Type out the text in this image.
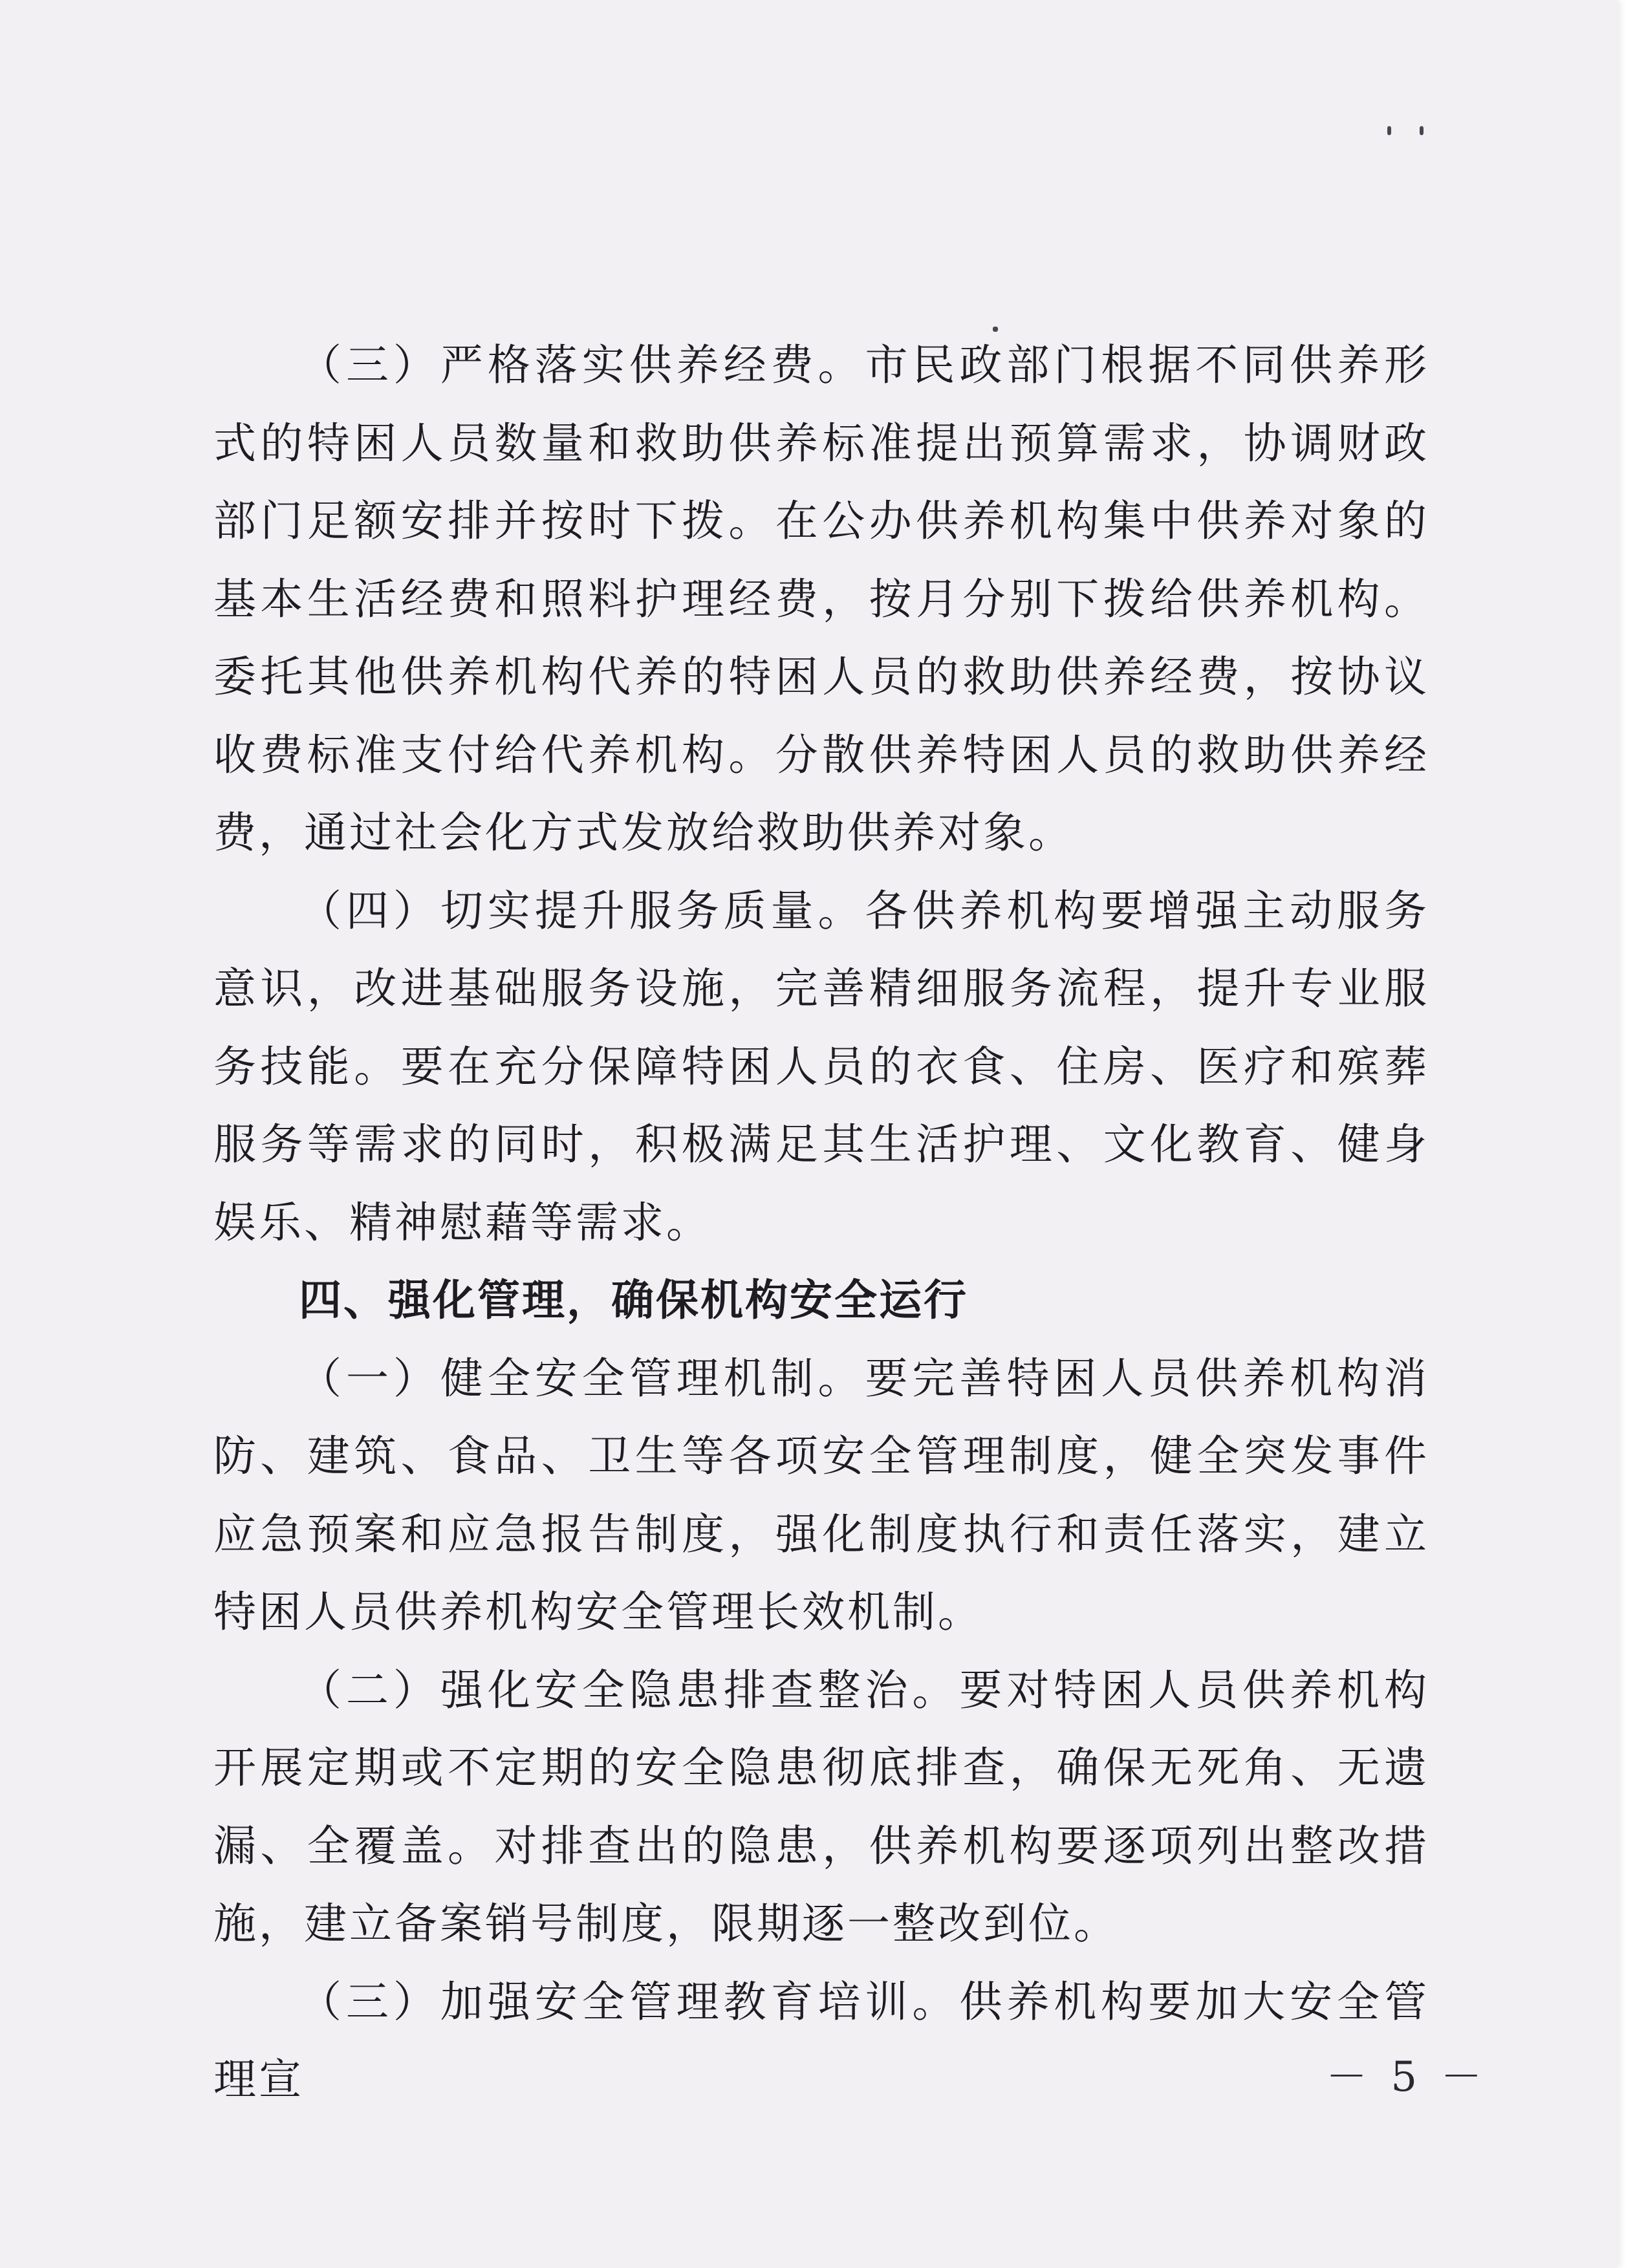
（三）严格落实供养经费。市民政部门根据不同供养形式的特困人员数量和救助供养标准提出预算需求，协调财政部门足额安排并按时下拨。在公办供养机构集中供养对象的基本生活经费和照料护理经费，按月分别下拨给供养机构。委托其他供养机构代养的特困人员的救助供养经费，按协议收费标准支付给代养机构。分散供养特困人员的救助供养经费，通过社会化方式发放给救助供养对象。

（四）切实提升服务质量。各供养机构要增强主动服务意识，改进基础服务设施，完善精细服务流程，提升专业服务技能。要在充分保障特困人员的衣食、住房、医疗和殡葬服务等需求的同时，积极满足其生活护理、文化教育、健身娱乐、精神慰藉等需求。

四、强化管理，确保机构安全运行

（一）健全安全管理机制。要完善特困人员供养机构消防、建筑、食品、卫生等各项安全管理制度，健全突发事件应急预案和应急报告制度，强化制度执行和责任落实，建立特困人员供养机构安全管理长效机制。

（二）强化安全隐患排查整治。要对特困人员供养机构开展定期或不定期的安全隐患彻底排查，确保无死角、无遗漏、全覆盖。对排查出的隐患，供养机构要逐项列出整改措施，建立备案销号制度，限期逐一整改到位。

（三）加强安全管理教育培训。供养机构要加大安全管理宣	－ 5 －
